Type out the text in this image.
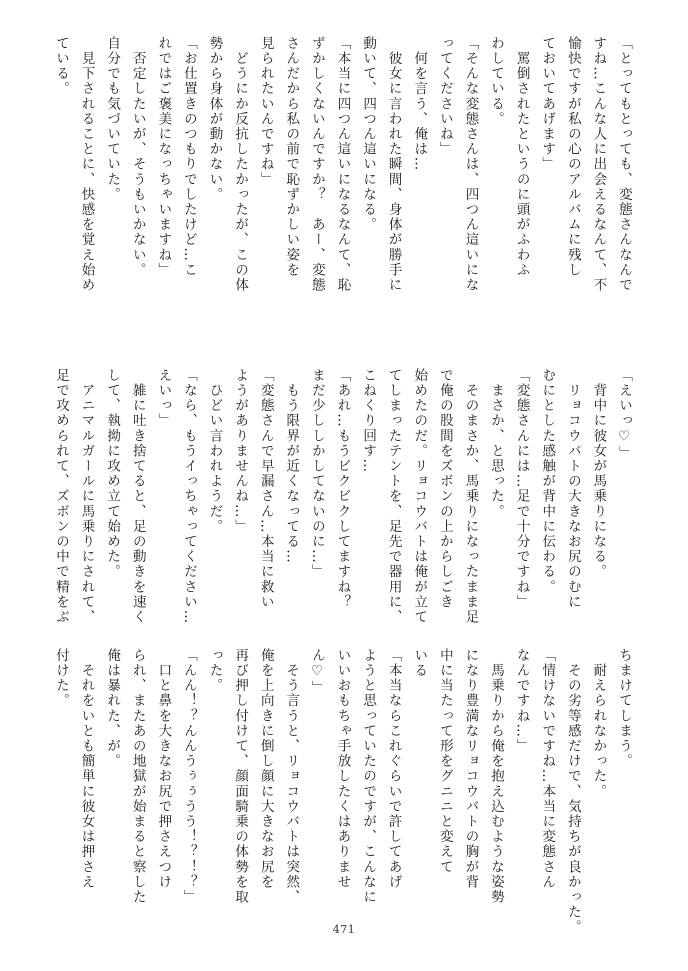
「とってもとっても、変態さんなんで
すね…こんな人に出会えるなんて、不
愉快ですが私の心のアルバムに残し
ておいてあげます」
　罵倒されたというのに頭がふわふ
わしている。
「そんな変態さんは、四つん這いにな
ってくださいね」
　何を言う、俺は…
　彼女に言われた瞬間、身体が勝手に
動いて、四つん這いになる。
「本当に四つん這いになるなんて、恥
ずかしくないんですか？　あー、変態
さんだから私の前で恥ずかしい姿を
見られたいんですね」
　どうにか反抗したかったが、この体
勢から身体が動かない。
「お仕置きのつもりでしたけど…こ
れではご褒美になっちゃいますね」
　否定したいが、そうもいかない。
自分でも気づいていた。
　見下されることに、快感を覚え始め
ている。
「えいっ♡」
　背中に彼女が馬乗りになる。
　リョコウバトの大きなお尻のむに
むにとした感触が背中に伝わる。
「変態さんには…足で十分ですね」
　まさか、と思った。
　そのまさか、馬乗りになったまま足
で俺の股間をズボンの上からしごき
始めたのだ。リョコウバトは俺が立て
てしまったテントを、足先で器用に、
こねくり回す…
「あれ…もうビクビクしてますね？
まだ少ししかしてないのに…」
　もう限界が近くなってる…
「変態さんで早漏さん…本当に救い
ようがありませんね…」
　ひどい言われようだ。
「なら、もうイっちゃってください…
えいっ」
　雑に吐き捨てると、足の動きを速く
して、執拗に攻め立て始めた。
　アニマルガールに馬乗りにされて、
足で攻められて、ズボンの中で精をぶ
ちまけてしまう。
　耐えられなかった。
　その劣等感だけで、気持ちが良かった。
「情けないですね…本当に変態さん
なんですね…」
　馬乗りから俺を抱え込むような姿勢
になり豊満なリョコウバトの胸が背
中に当たって形をグニニと変えて
いる
「本当ならこれぐらいで許してあげ
ようと思っていたのですが、こんなに
いいおもちゃ手放したくはありませ
ん♡」
　そう言うと、リョコウバトは突然、
俺を上向きに倒し顔に大きなお尻を
再び押し付けて、顔面騎乗の体勢を取
った。
「んん！？んんうぅぅうう！？！？」
　口と鼻を大きなお尻で押さえつけ
られ、またあの地獄が始まると察した
俺は暴れた、が。
　それをいとも簡単に彼女は押さえ
付けた。
471
